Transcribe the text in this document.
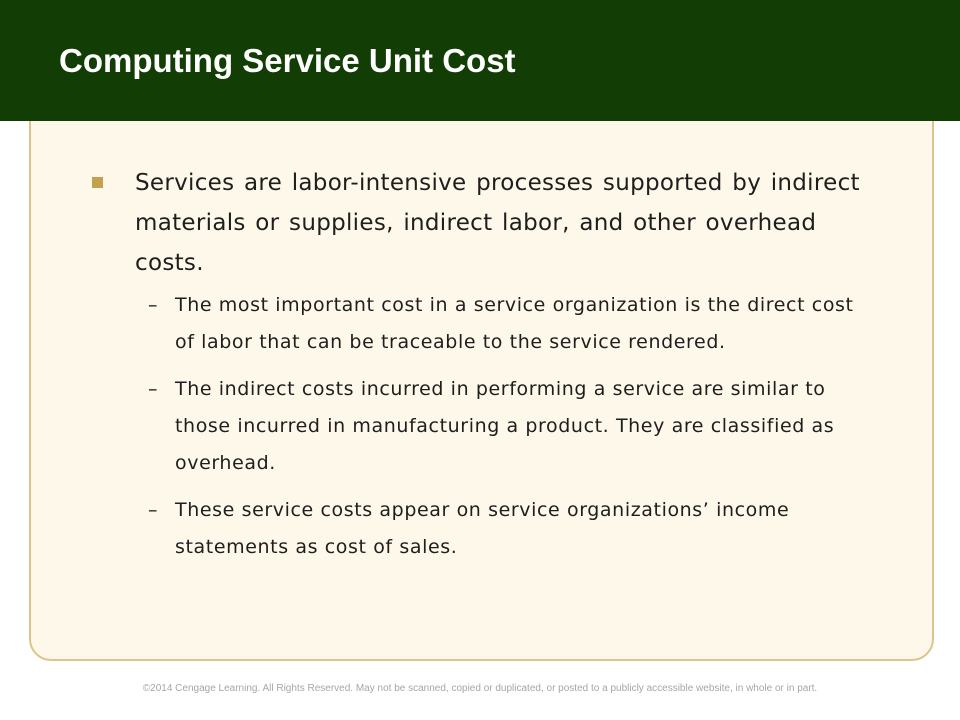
Computing Service Unit Cost

Services are labor-intensive processes supported by indirect materials or supplies, indirect labor, and other overhead costs.

– The most important cost in a service organization is the direct cost of labor that can be traceable to the service rendered.

– The indirect costs incurred in performing a service are similar to those incurred in manufacturing a product. They are classified as overhead.

– These service costs appear on service organizations’ income statements as cost of sales.

©2014 Cengage Learning. All Rights Reserved. May not be scanned, copied or duplicated, or posted to a publicly accessible website, in whole or in part.
